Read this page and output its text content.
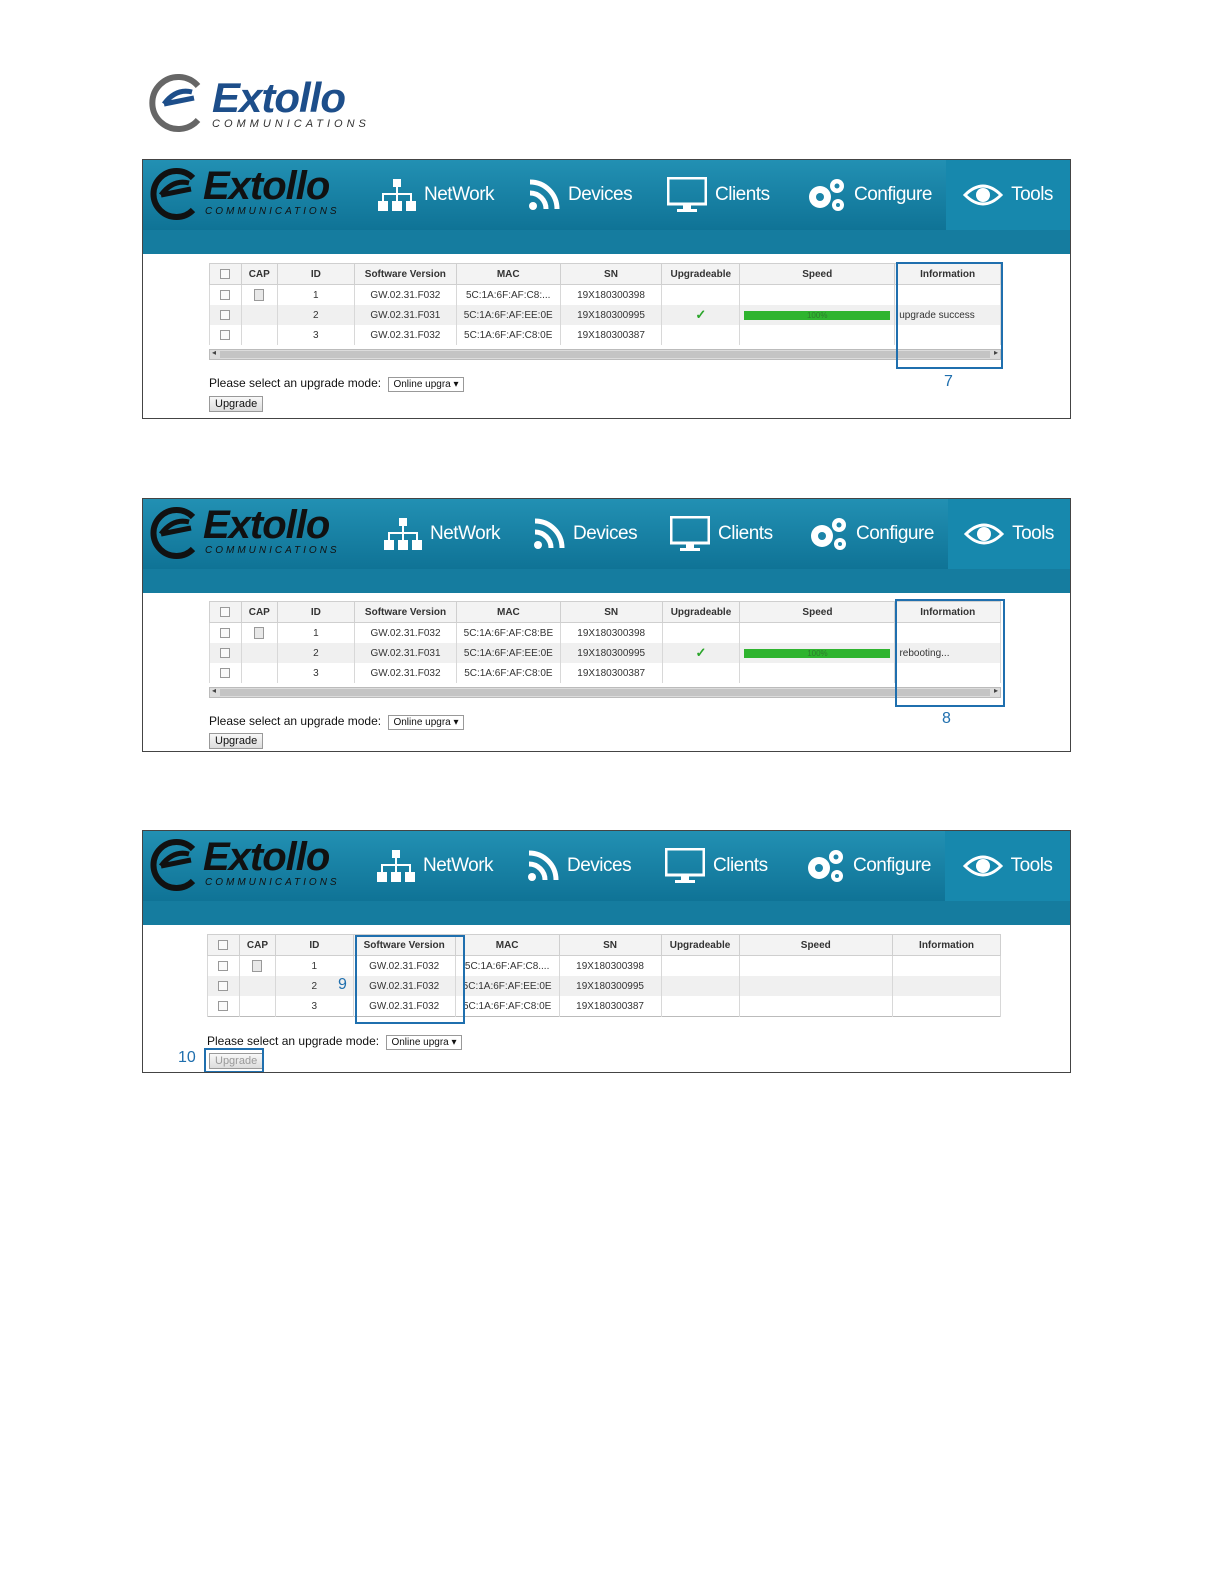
Extollo
COMMUNICATIONS
Extollo
COMMUNICATIONS
NetWork	Devices	Clients	Configure	Tools
	CAP	ID	Software Version	MAC	SN	Upgradeable	Speed	Information
		1	GW.02.31.F032	5C:1A:6F:AF:C8:...	19X180300398			
		2	GW.02.31.F031	5C:1A:6F:AF:EE:0E	19X180300995	✓	100%	upgrade success
		3	GW.02.31.F032	5C:1A:6F:AF:C8:0E	19X180300387			
◂	▸
7
Please select an upgrade mode: Online upgra ▾
Upgrade
Extollo
COMMUNICATIONS
NetWork	Devices	Clients	Configure	Tools
	CAP	ID	Software Version	MAC	SN	Upgradeable	Speed	Information
		1	GW.02.31.F032	5C:1A:6F:AF:C8:BE	19X180300398			
		2	GW.02.31.F031	5C:1A:6F:AF:EE:0E	19X180300995	✓	100%	rebooting...
		3	GW.02.31.F032	5C:1A:6F:AF:C8:0E	19X180300387			
◂	▸
8
Please select an upgrade mode: Online upgra ▾
Upgrade
Extollo
COMMUNICATIONS
NetWork	Devices	Clients	Configure	Tools
	CAP	ID	Software Version	MAC	SN	Upgradeable	Speed	Information
		1	GW.02.31.F032	5C:1A:6F:AF:C8....	19X180300398			
		2	GW.02.31.F032	5C:1A:6F:AF:EE:0E	19X180300995			
		3	GW.02.31.F032	5C:1A:6F:AF:C8:0E	19X180300387			
9
Please select an upgrade mode: Online upgra ▾
Upgrade
10
